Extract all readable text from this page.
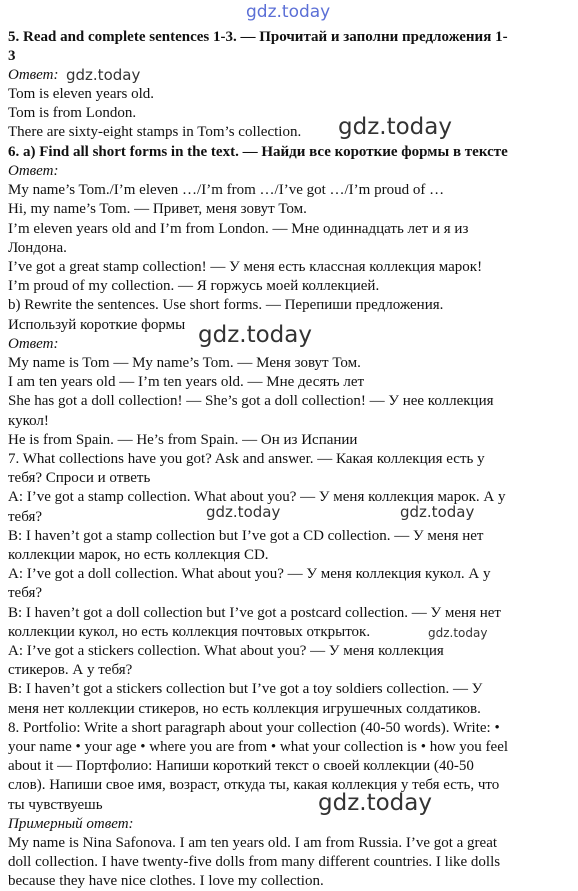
gdz.today
gdz.today
gdz.today
gdz.today
gdz.today	gdz.today
gdz.today
gdz.today
5. Read and complete sentences 1-3. — Прочитай и заполни предложения 1-
3
Ответ:
Tom is eleven years old.
Tom is from London.
There are sixty-eight stamps in Tom’s collection.
6. a) Find all short forms in the text. — Найди все короткие формы в тексте
Ответ:
My name’s Tom./I’m eleven …/I’m from …/I’ve got …/I’m proud of …
Hi, my name’s Tom. — Привет, меня зовут Том.
I’m eleven years old and I’m from London. — Мне одиннадцать лет и я из
Лондона.
I’ve got a great stamp collection! — У меня есть классная коллекция марок!
I’m proud of my collection. — Я горжусь моей коллекцией.
b) Rewrite the sentences. Use short forms. — Перепиши предложения.
Используй короткие формы
Ответ:
My name is Tom — My name’s Tom. — Меня зовут Том.
I am ten years old — I’m ten years old. — Мне десять лет
She has got a doll collection! — She’s got a doll collection! — У нее коллекция
кукол!
He is from Spain. — He’s from Spain. — Он из Испании
7. What collections have you got? Ask and answer. — Какая коллекция есть у
тебя? Спроси и ответь
A: I’ve got a stamp collection. What about you? — У меня коллекция марок. А у
тебя?
B: I haven’t got a stamp collection but I’ve got a CD collection. — У меня нет
коллекции марок, но есть коллекция CD.
A: I’ve got a doll collection. What about you? — У меня коллекция кукол. А у
тебя?
B: I haven’t got a doll collection but I’ve got a postcard collection. — У меня нет
коллекции кукол, но есть коллекция почтовых открыток.
A: I’ve got a stickers collection. What about you? — У меня коллекция
стикеров. А у тебя?
B: I haven’t got a stickers collection but I’ve got a toy soldiers collection. — У
меня нет коллекции стикеров, но есть коллекция игрушечных солдатиков.
8. Portfolio: Write a short paragraph about your collection (40-50 words). Write: •
your name • your age • where you are from • what your collection is • how you feel
about it — Портфолио: Напиши короткий текст о своей коллекции (40-50
слов). Напиши свое имя, возраст, откуда ты, какая коллекция у тебя есть, что
ты чувствуешь
Примерный ответ:
My name is Nina Safonova. I am ten years old. I am from Russia. I’ve got a great
doll collection. I have twenty-five dolls from many different countries. I like dolls
because they have nice clothes. I love my collection.
